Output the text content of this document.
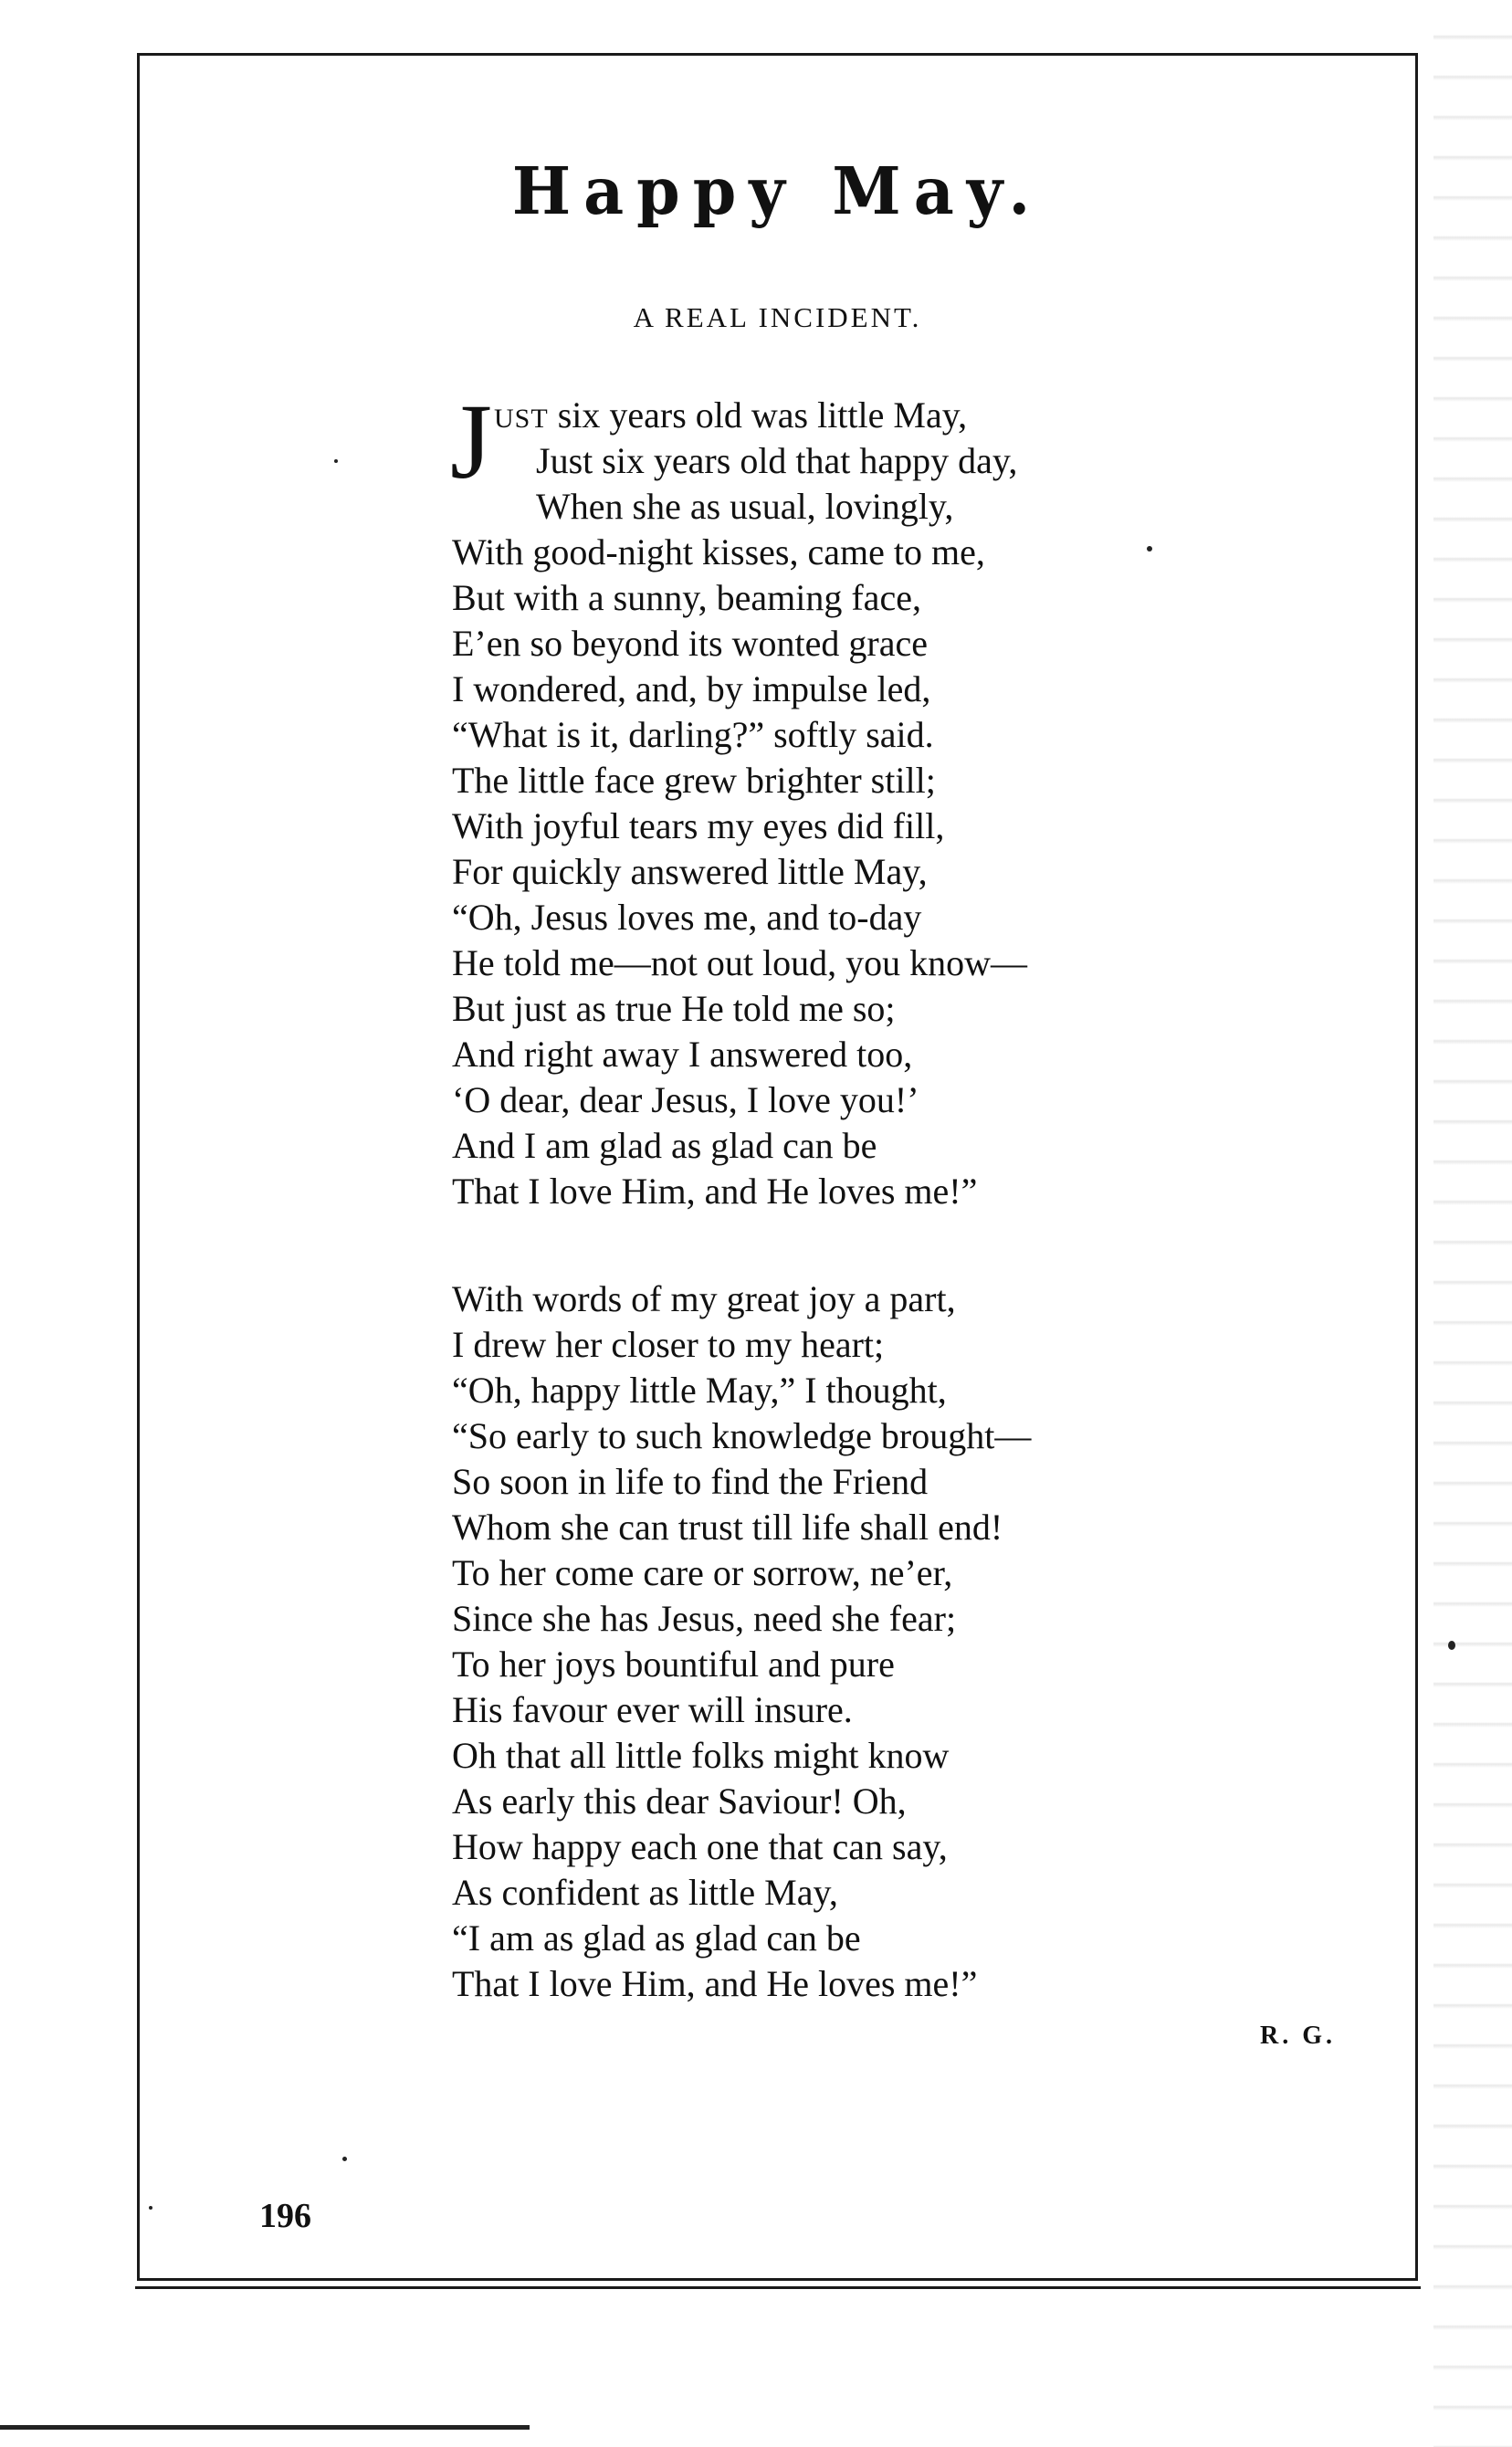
Happy May.
A REAL INCIDENT.
J UST six years old was little May,
Just six years old that happy day,
When she as usual, lovingly,
With good-night kisses, came to me,
But with a sunny, beaming face,
E’en so beyond its wonted grace
I wondered, and, by impulse led,
“What is it, darling?” softly said.
The little face grew brighter still;
With joyful tears my eyes did fill,
For quickly answered little May,
“Oh, Jesus loves me, and to-day
He told me—not out loud, you know—
But just as true He told me so;
And right away I answered too,
‘O dear, dear Jesus, I love you!’
And I am glad as glad can be
That I love Him, and He loves me!”
With words of my great joy a part,
I drew her closer to my heart;
“Oh, happy little May,” I thought,
“So early to such knowledge brought—
So soon in life to find the Friend
Whom she can trust till life shall end!
To her come care or sorrow, ne’er,
Since she has Jesus, need she fear;
To her joys bountiful and pure
His favour ever will insure.
Oh that all little folks might know
As early this dear Saviour! Oh,
How happy each one that can say,
As confident as little May,
“I am as glad as glad can be
That I love Him, and He loves me!”
R. G.
196
